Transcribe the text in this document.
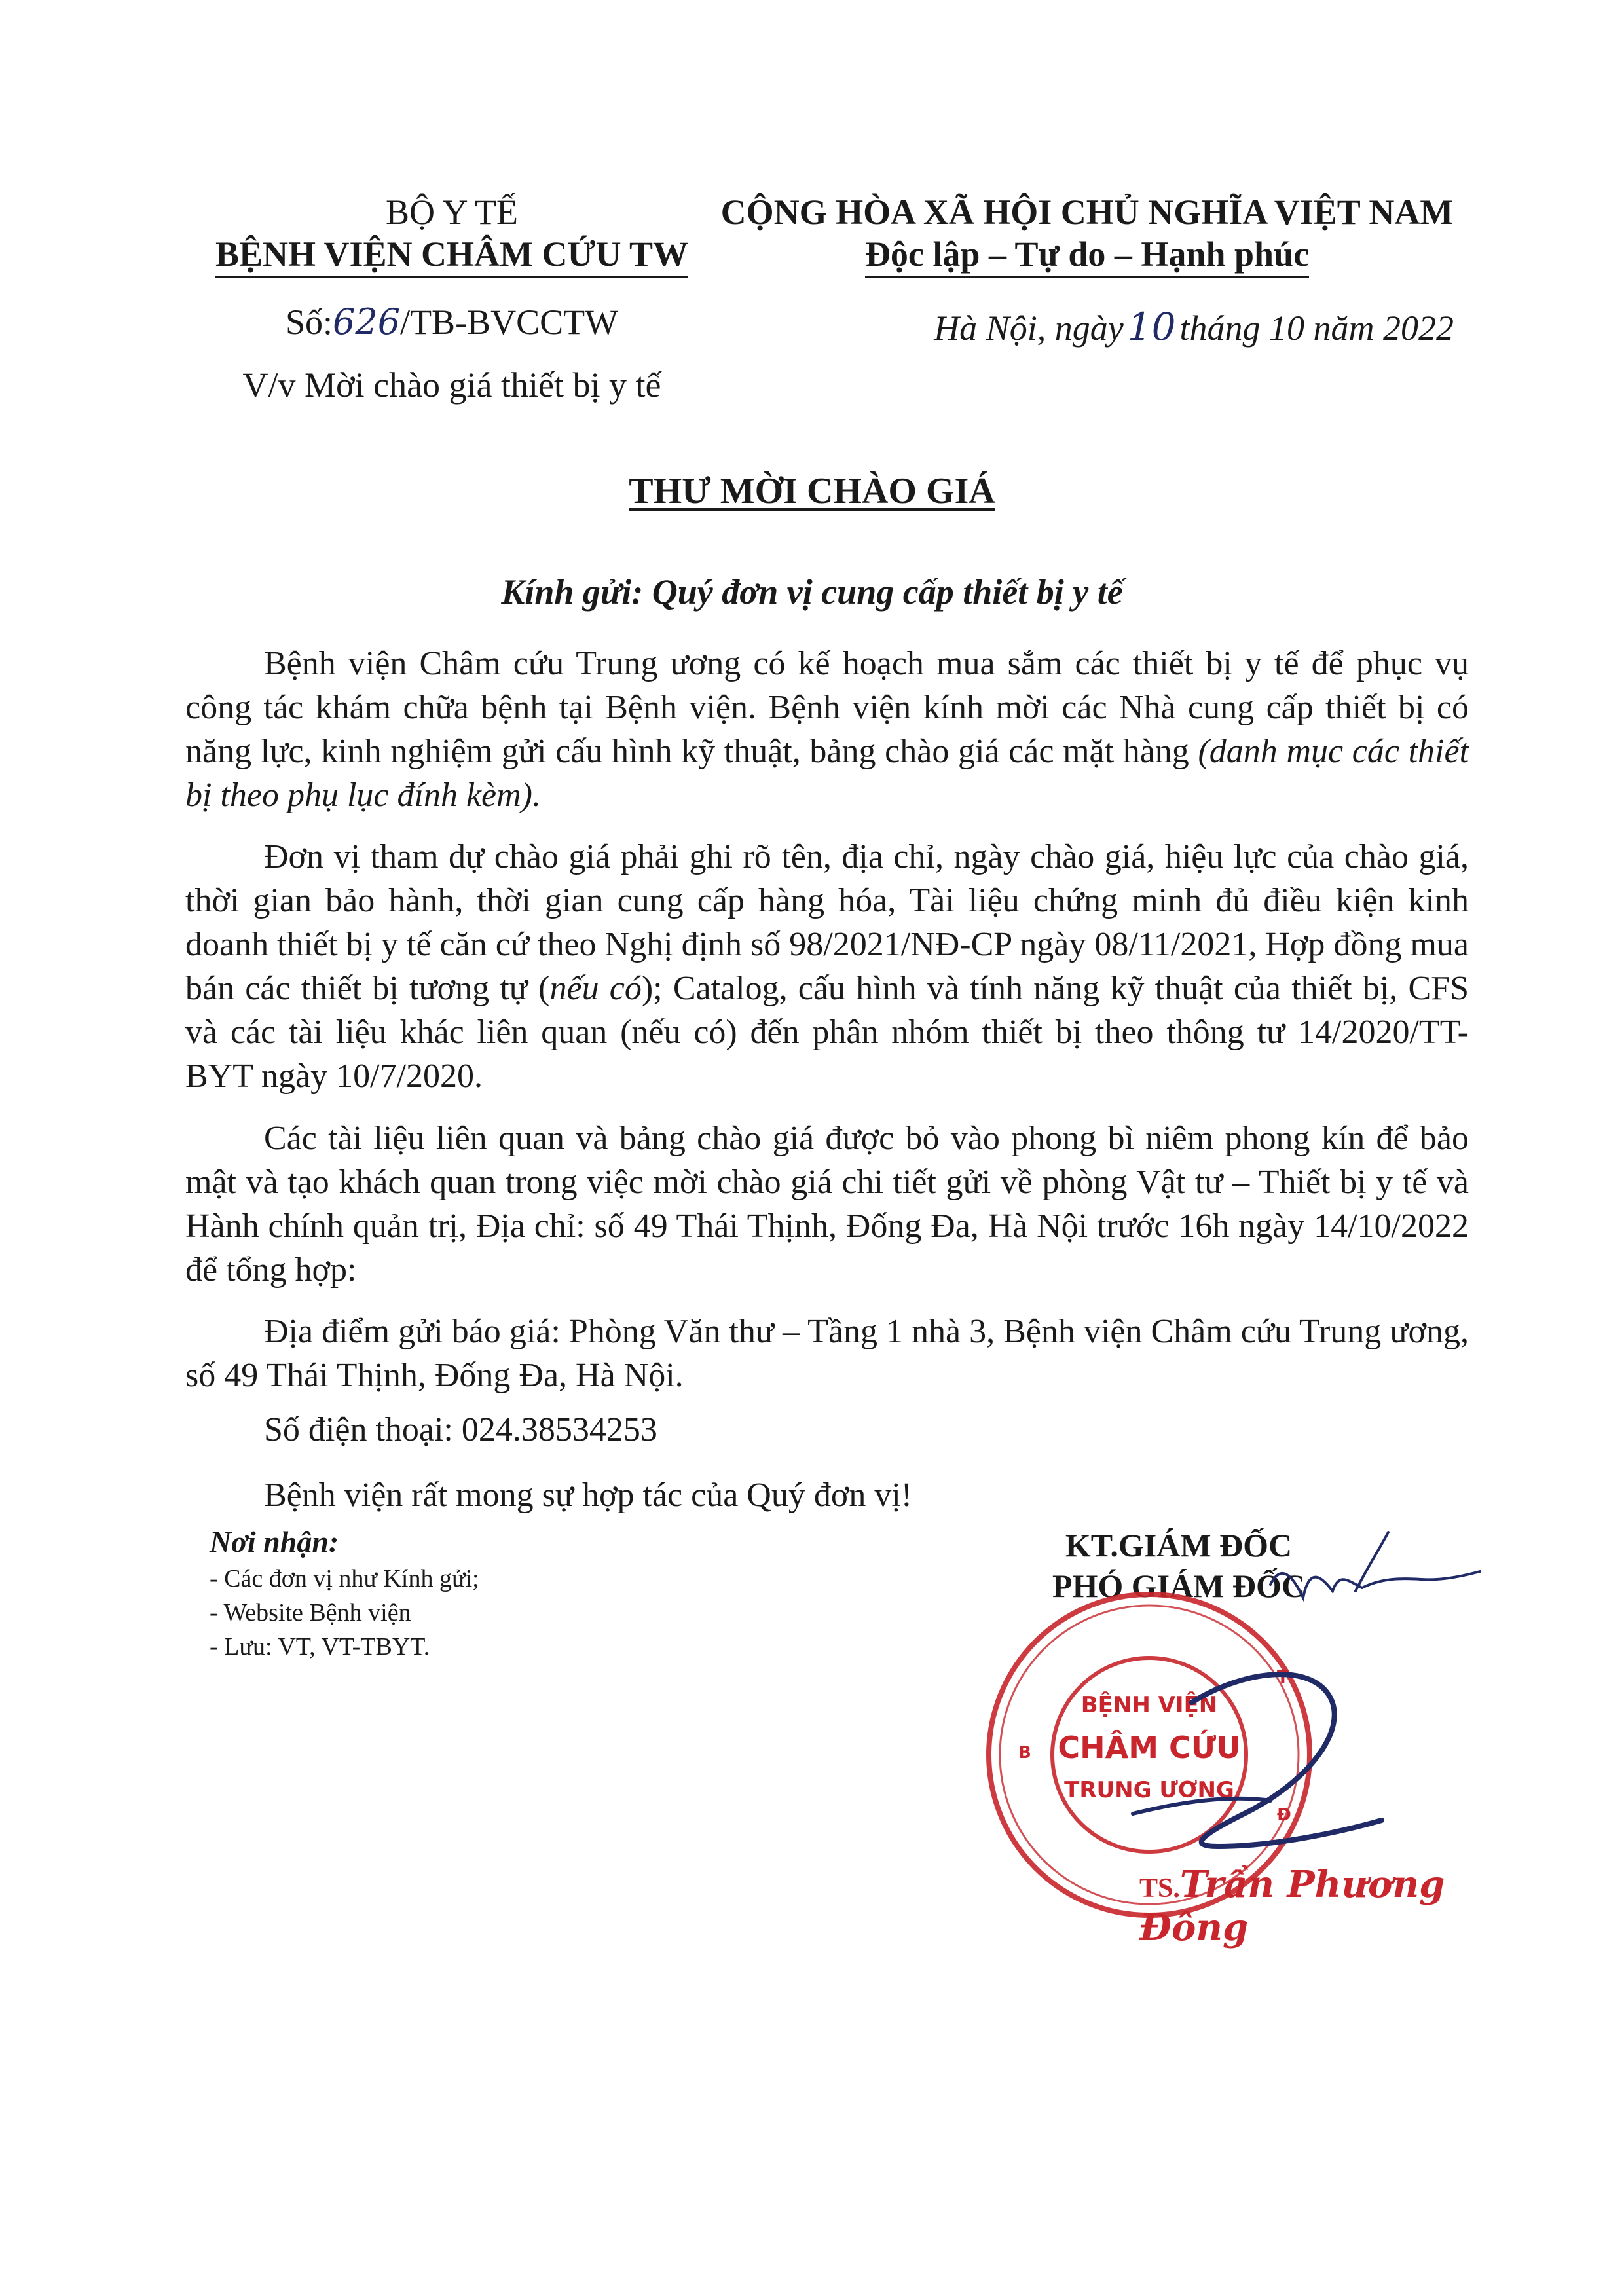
BỘ Y TẾ
BỆNH VIỆN CHÂM CỨU TW
Số:626/TB-BVCCTW
V/v Mời chào giá thiết bị y tế
CỘNG HÒA XÃ HỘI CHỦ NGHĨA VIỆT NAM
Độc lập – Tự do – Hạnh phúc
Hà Nội, ngày 10 tháng 10 năm 2022
THƯ MỜI CHÀO GIÁ
Kính gửi: Quý đơn vị cung cấp thiết bị y tế
Bệnh viện Châm cứu Trung ương có kế hoạch mua sắm các thiết bị y tế để phục vụ công tác khám chữa bệnh tại Bệnh viện. Bệnh viện kính mời các Nhà cung cấp thiết bị có năng lực, kinh nghiệm gửi cấu hình kỹ thuật, bảng chào giá các mặt hàng (danh mục các thiết bị theo phụ lục đính kèm).
Đơn vị tham dự chào giá phải ghi rõ tên, địa chỉ, ngày chào giá, hiệu lực của chào giá, thời gian bảo hành, thời gian cung cấp hàng hóa, Tài liệu chứng minh đủ điều kiện kinh doanh thiết bị y tế căn cứ theo Nghị định số 98/2021/NĐ-CP ngày 08/11/2021, Hợp đồng mua bán các thiết bị tương tự (nếu có); Catalog, cấu hình và tính năng kỹ thuật của thiết bị, CFS và các tài liệu khác liên quan (nếu có) đến phân nhóm thiết bị theo thông tư 14/2020/TT- BYT ngày 10/7/2020.
Các tài liệu liên quan và bảng chào giá được bỏ vào phong bì niêm phong kín để bảo mật và tạo khách quan trong việc mời chào giá chi tiết gửi về phòng Vật tư – Thiết bị y tế và Hành chính quản trị, Địa chỉ: số 49 Thái Thịnh, Đống Đa, Hà Nội trước 16h ngày 14/10/2022 để tổng hợp:
Địa điểm gửi báo giá: Phòng Văn thư – Tầng 1 nhà 3, Bệnh viện Châm cứu Trung ương, số 49 Thái Thịnh, Đống Đa, Hà Nội.
Số điện thoại: 024.38534253
Bệnh viện rất mong sự hợp tác của Quý đơn vị!
Nơi nhận:
- Các đơn vị như Kính gửi;
- Website Bệnh viện
- Lưu: VT, VT-TBYT.
KT.GIÁM ĐỐC
PHÓ GIÁM ĐỐC
BỆNH VIỆN
CHÂM CỨU
TRUNG ƯƠNG
B
T
Đ
TS.Trần Phương Đông
